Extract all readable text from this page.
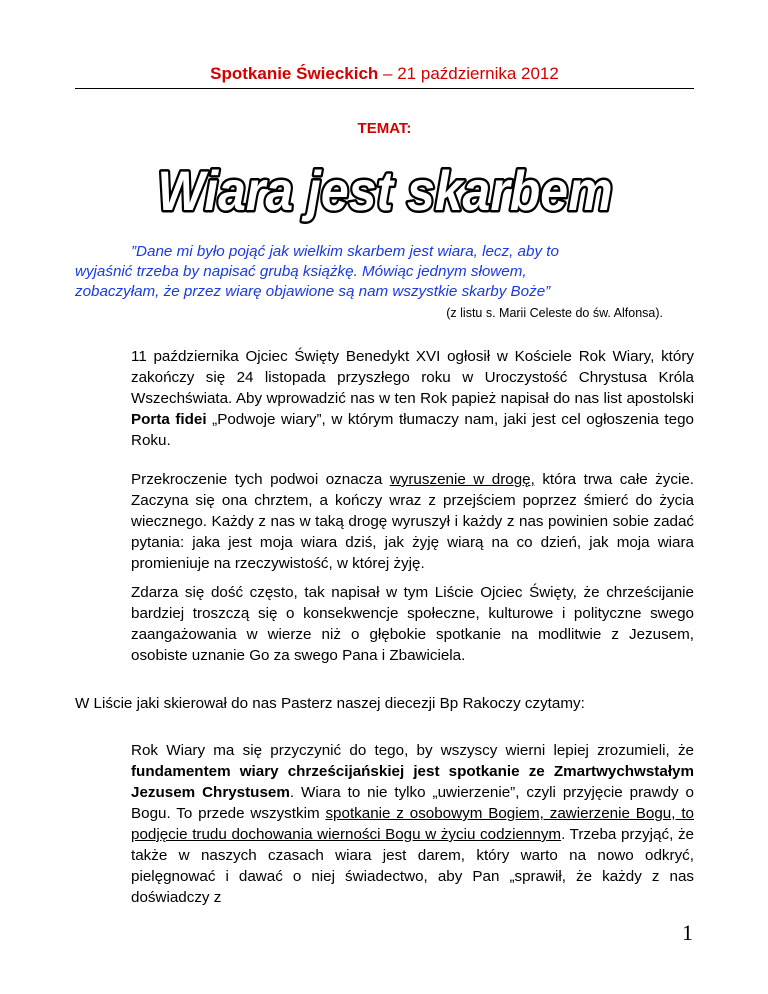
Spotkanie Świeckich – 21 października 2012
TEMAT:
Wiara jest skarbem
”Dane mi było pojąć jak wielkim skarbem jest wiara, lecz, aby to
wyjaśnić trzeba by napisać grubą książkę. Mówiąc jednym słowem,
zobaczyłam, że przez wiarę objawione są nam wszystkie skarby Boże”
(z listu s. Marii Celeste do św. Alfonsa).
11 października Ojciec Święty Benedykt XVI ogłosił w Kościele Rok Wiary, który zakończy się 24 listopada przyszłego roku w Uroczystość Chrystusa Króla Wszechświata. Aby wprowadzić nas w ten Rok papież napisał do nas list apostolski Porta fidei „Podwoje wiary”, w którym tłumaczy nam, jaki jest cel ogłoszenia tego Roku.
Przekroczenie tych podwoi oznacza wyruszenie w drogę, która trwa całe życie. Zaczyna się ona chrztem, a kończy wraz z przejściem poprzez śmierć do życia wiecznego. Każdy z nas w taką drogę wyruszył i każdy z nas powinien sobie zadać pytania: jaka jest moja wiara dziś, jak żyję wiarą na co dzień, jak moja wiara promieniuje na rzeczywistość, w której żyję.
Zdarza się dość często, tak napisał w tym Liście Ojciec Święty, że chrześcijanie bardziej troszczą się o konsekwencje społeczne, kulturowe i polityczne swego zaangażowania w wierze niż o głębokie spotkanie na modlitwie z Jezusem, osobiste uznanie Go za swego Pana i Zbawiciela.
W Liście jaki skierował do nas Pasterz naszej diecezji Bp Rakoczy czytamy:
Rok Wiary ma się przyczynić do tego, by wszyscy wierni lepiej zrozumieli, że fundamentem wiary chrześcijańskiej jest spotkanie ze Zmartwychwstałym Jezusem Chrystusem. Wiara to nie tylko „uwierzenie”, czyli przyjęcie prawdy o Bogu. To przede wszystkim spotkanie z osobowym Bogiem, zawierzenie Bogu, to podjęcie trudu dochowania wierności Bogu w życiu codziennym. Trzeba przyjąć, że także w naszych czasach wiara jest darem, który warto na nowo odkryć, pielęgnować i dawać o niej świadectwo, aby Pan „sprawił, że każdy z nas doświadczy z
1
